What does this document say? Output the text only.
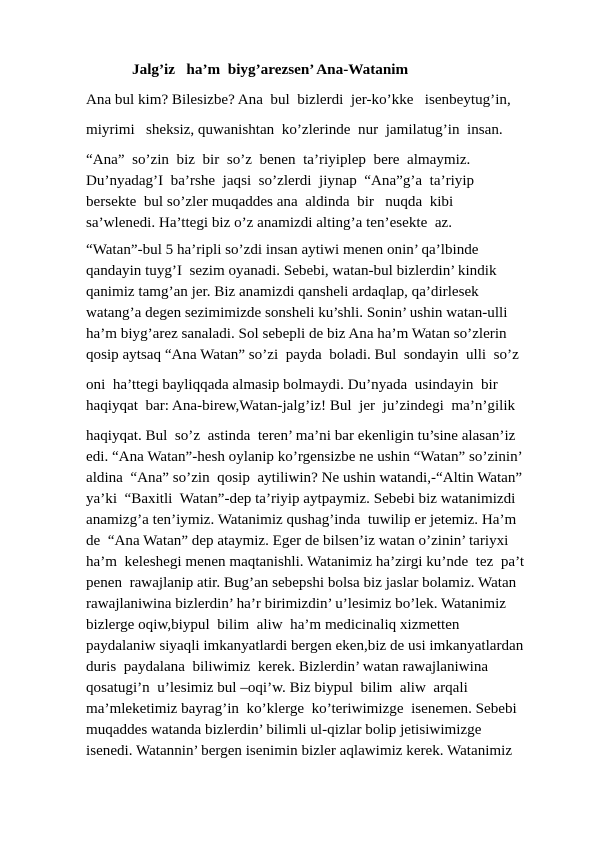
Jalg’iz   ha’m  biyg’arezsen’ Ana-Watanim
Ana bul kim? Bilesizbe? Ana  bul  bizlerdi  jer-ko’kke   isenbeytug’in,
miyrimi   sheksiz, quwanishtan  ko’zlerinde  nur  jamilatug’in  insan.
“Ana”  so’zin  biz  bir  so’z  benen  ta’riyiplep  bere  almaymiz.
Du’nyadag’I  ba’rshe  jaqsi  so’zlerdi  jiynap  “Ana”g’a  ta’riyip
bersekte  bul so’zler muqaddes ana  aldinda  bir   nuqda  kibi
sa’wlenedi. Ha’ttegi biz o’z anamizdi alting’a ten’esekte  az.
“Watan”-bul 5 ha’ripli so’zdi insan aytiwi menen onin’ qa’lbinde
qandayin tuyg’I  sezim oyanadi. Sebebi, watan-bul bizlerdin’ kindik
qanimiz tamg’an jer. Biz anamizdi qansheli ardaqlap, qa’dirlesek
watang’a degen sezimimizde sonsheli ku’shli. Sonin’ ushin watan-ulli
ha’m biyg’arez sanaladi. Sol sebepli de biz Ana ha’m Watan so’zlerin
qosip aytsaq “Ana Watan” so’zi  payda  boladi. Bul  sondayin  ulli  so’z
oni  ha’ttegi bayliqqada almasip bolmaydi. Du’nyada  usindayin  bir
haqiyqat  bar: Ana-birew,Watan-jalg’iz! Bul  jer  ju’zindegi  ma’n’gilik
haqiyqat. Bul  so’z  astinda  teren’ ma’ni bar ekenligin tu’sine alasan’iz
edi. “Ana Watan”-hesh oylanip ko’rgensizbe ne ushin “Watan” so’zinin’
aldina  “Ana” so’zin  qosip  aytiliwin? Ne ushin watandi,-“Altin Watan”
ya’ki  “Baxitli  Watan”-dep ta’riyip aytpaymiz. Sebebi biz watanimizdi
anamizg’a ten’iymiz. Watanimiz qushag’inda  tuwilip er jetemiz. Ha’m
de  “Ana Watan” dep ataymiz. Eger de bilsen’iz watan o’zinin’ tariyxi
ha’m  keleshegi menen maqtanishli. Watanimiz ha’zirgi ku’nde  tez  pa’t
penen  rawajlanip atir. Bug’an sebepshi bolsa biz jaslar bolamiz. Watan
rawajlaniwina bizlerdin’ ha’r birimizdin’ u’lesimiz bo’lek. Watanimiz
bizlerge oqiw,biypul  bilim  aliw  ha’m medicinaliq xizmetten
paydalaniw siyaqli imkanyatlardi bergen eken,biz de usi imkanyatlardan
duris  paydalana  biliwimiz  kerek. Bizlerdin’ watan rawajlaniwina
qosatugi’n  u’lesimiz bul –oqi’w. Biz biypul  bilim  aliw  arqali
ma’mleketimiz bayrag’in  ko’klerge  ko’teriwimizge  isenemen. Sebebi
muqaddes watanda bizlerdin’ bilimli ul-qizlar bolip jetisiwimizge
isenedi. Watannin’ bergen isenimin bizler aqlawimiz kerek. Watanimiz
